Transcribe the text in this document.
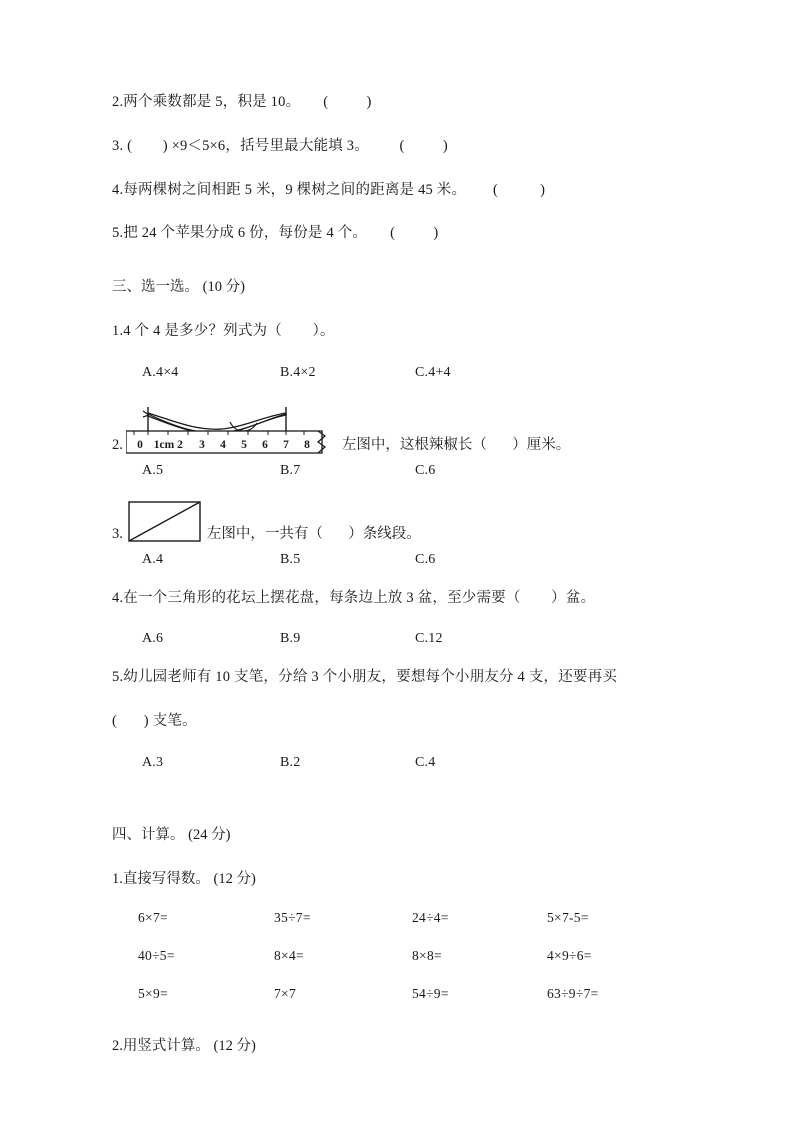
2.两个乘数都是 5，积是 10。      (          )
3. (        ) ×9＜5×6，括号里最大能填 3。        (          )
4.每两棵树之间相距 5 米，9 棵树之间的距离是 45 米。       (           )
5.把 24 个苹果分成 6 份，每份是 4 个。      (          )
三、选一选。 (10 分)
1.4 个 4 是多少？列式为（        ）。
A.4×4	B.4×2	C.4+4
2. 0 1cm 2 3 4 5 6 7 8 左图中，这根辣椒长（       ）厘米。
A.5	B.7	C.6
3.	左图中，一共有（       ）条线段。
A.4	B.5	C.6
4.在一个三角形的花坛上摆花盘，每条边上放 3 盆，至少需要（        ）盆。
A.6	B.9	C.12
5.幼儿园老师有 10 支笔，分给 3 个小朋友，要想每个小朋友分 4 支，还要再买
(       ) 支笔。
A.3	B.2	C.4
四、计算。 (24 分)
1.直接写得数。 (12 分)
6×7=	35÷7=	24÷4=	5×7-5=
40÷5=	8×4=	8×8=	4×9÷6=
5×9=	7×7	54÷9=	63÷9÷7=
2.用竖式计算。 (12 分)
